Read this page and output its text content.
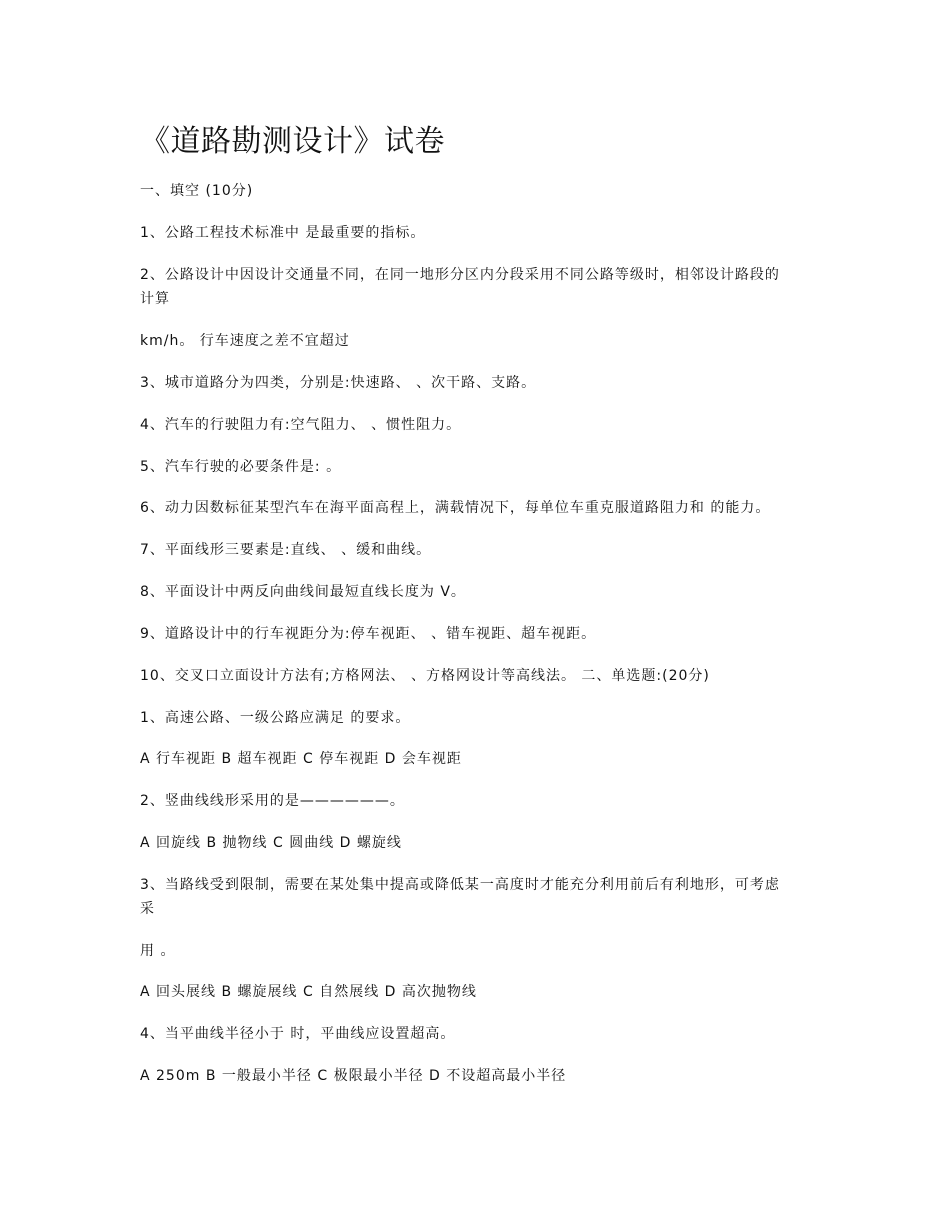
《道路勘测设计》试卷
一、填空 (10分)
1、公路工程技术标准中 是最重要的指标。
2、公路设计中因设计交通量不同，在同一地形分区内分段采用不同公路等级时，相邻设计路段的
计算
km/h。 行车速度之差不宜超过
3、城市道路分为四类，分别是:快速路、 、次干路、支路。
4、汽车的行驶阻力有:空气阻力、 、惯性阻力。
5、汽车行驶的必要条件是: 。
6、动力因数标征某型汽车在海平面高程上，满载情况下，每单位车重克服道路阻力和 的能力。
7、平面线形三要素是:直线、 、缓和曲线。
8、平面设计中两反向曲线间最短直线长度为 V。
9、道路设计中的行车视距分为:停车视距、 、错车视距、超车视距。
10、交叉口立面设计方法有;方格网法、 、方格网设计等高线法。 二、单选题:(20分)
1、高速公路、一级公路应满足 的要求。
A 行车视距 B 超车视距 C 停车视距 D 会车视距
2、竖曲线线形采用的是——————。
A 回旋线 B 抛物线 C 圆曲线 D 螺旋线
3、当路线受到限制，需要在某处集中提高或降低某一高度时才能充分利用前后有利地形，可考虑
采
用 。
A 回头展线 B 螺旋展线 C 自然展线 D 高次抛物线
4、当平曲线半径小于 时，平曲线应设置超高。
A 250m B 一般最小半径 C 极限最小半径 D 不设超高最小半径
